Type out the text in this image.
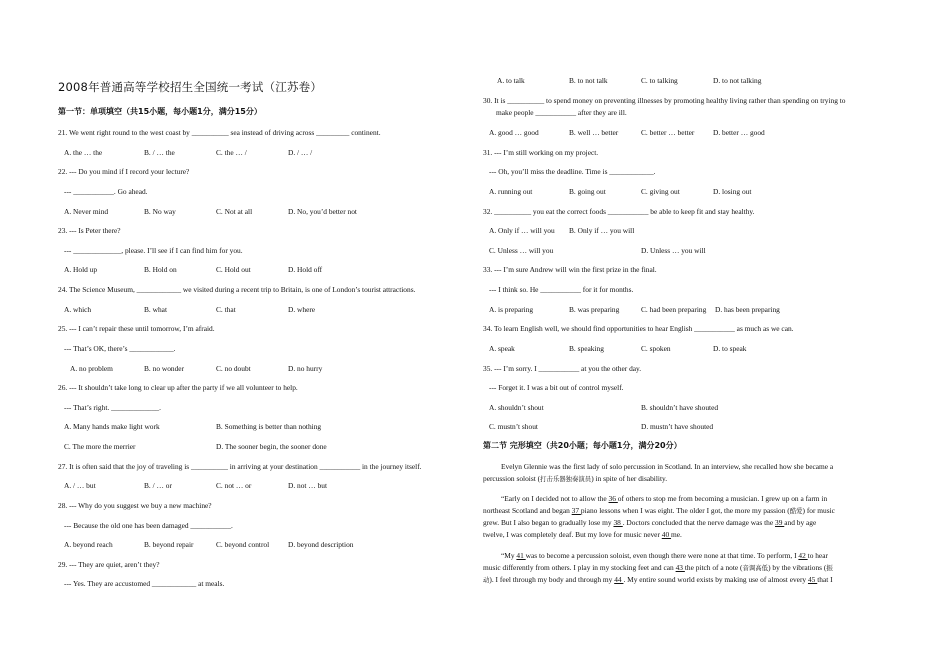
2008年普通高等学校招生全国统一考试（江苏卷）
第一节：单项填空（共15小题，每小题1分，满分15分）
21. We went right round to the west coast by __________ sea instead of driving across _________ continent.
A. the … the	B. / … the	C. the … /	D. / … /
22. --- Do you mind if I record your lecture?
--- ___________. Go ahead.
A. Never mind	B. No way	C. Not at all	D. No, you’d better not
23. --- Is Peter there?
--- _____________, please. I’ll see if I can find him for you.
A. Hold up	B. Hold on	C. Hold out	D. Hold off
24. The Science Museum, ____________ we visited during a recent trip to Britain, is one of London’s tourist attractions.
A. which	B. what	C. that	D. where
25. --- I can’t repair these until tomorrow, I’m afraid.
--- That’s OK, there’s ____________.
A. no problem	B. no wonder	C. no doubt	D. no hurry
26. --- It shouldn’t take long to clear up after the party if we all volunteer to help.
--- That’s right. _____________.
A. Many hands make light work	B. Something is better than nothing
C. The more the merrier	D. The sooner begin, the sooner done
27. It is often said that the joy of traveling is __________ in arriving at your destination ___________ in the journey itself.
A. / … but	B. / … or	C. not … or	D. not … but
28. --- Why do you suggest we buy a new machine?
--- Because the old one has been damaged ___________.
A. beyond reach	B. beyond repair	C. beyond control	D. beyond description
29. --- They are quiet, aren’t they?
--- Yes. They are accustomed ____________ at meals.
A. to talk	B. to not talk	C. to talking	D. to not talking
30. It is __________ to spend money on preventing illnesses by promoting healthy living rather than spending on trying to
make people ___________ after they are ill.
A. good … good	B. well … better	C. better … better	D. better … good
31. --- I’m still working on my project.
--- Oh, you’ll miss the deadline. Time is ____________.
A. running out	B. going out	C. giving out	D. losing out
32. __________ you eat the correct foods ___________ be able to keep fit and stay healthy.
A. Only if … will you B. Only if … you will
C. Unless … will you	D. Unless … you will
33. --- I’m sure Andrew will win the first prize in the final.
--- I think so. He ___________ for it for months.
A. is preparing	B. was preparing	C. had been preparing D. has been preparing
34. To learn English well, we should find opportunities to hear English ___________ as much as we can.
A. speak	B. speaking	C. spoken	D. to speak
35. --- I’m sorry. I ___________ at you the other day.
--- Forget it. I was a bit out of control myself.
A. shouldn’t shout	B. shouldn’t have shouted
C. mustn’t shout	D. mustn’t have shouted
第二节 完形填空（共20小题；每小题1分，满分20分）
Evelyn Glennie was the first lady of solo percussion in Scotland. In an interview, she recalled how she became a
percussion soloist (打击乐器独奏演员) in spite of her disability.
“Early on I decided not to allow the 36 of others to stop me from becoming a musician. I grew up on a farm in
northeast Scotland and began 37 piano lessons when I was eight. The older I got, the more my passion (酷爱) for music
grew. But I also began to gradually lose my 38 . Doctors concluded that the nerve damage was the 39 and by age
twelve, I was completely deaf. But my love for music never 40 me.
“My 41 was to become a percussion soloist, even though there were none at that time. To perform, I 42 to hear
music differently from others. I play in my stocking feet and can 43 the pitch of a note (音调高低) by the vibrations (振
动). I feel through my body and through my 44 . My entire sound world exists by making use of almost every 45 that I
